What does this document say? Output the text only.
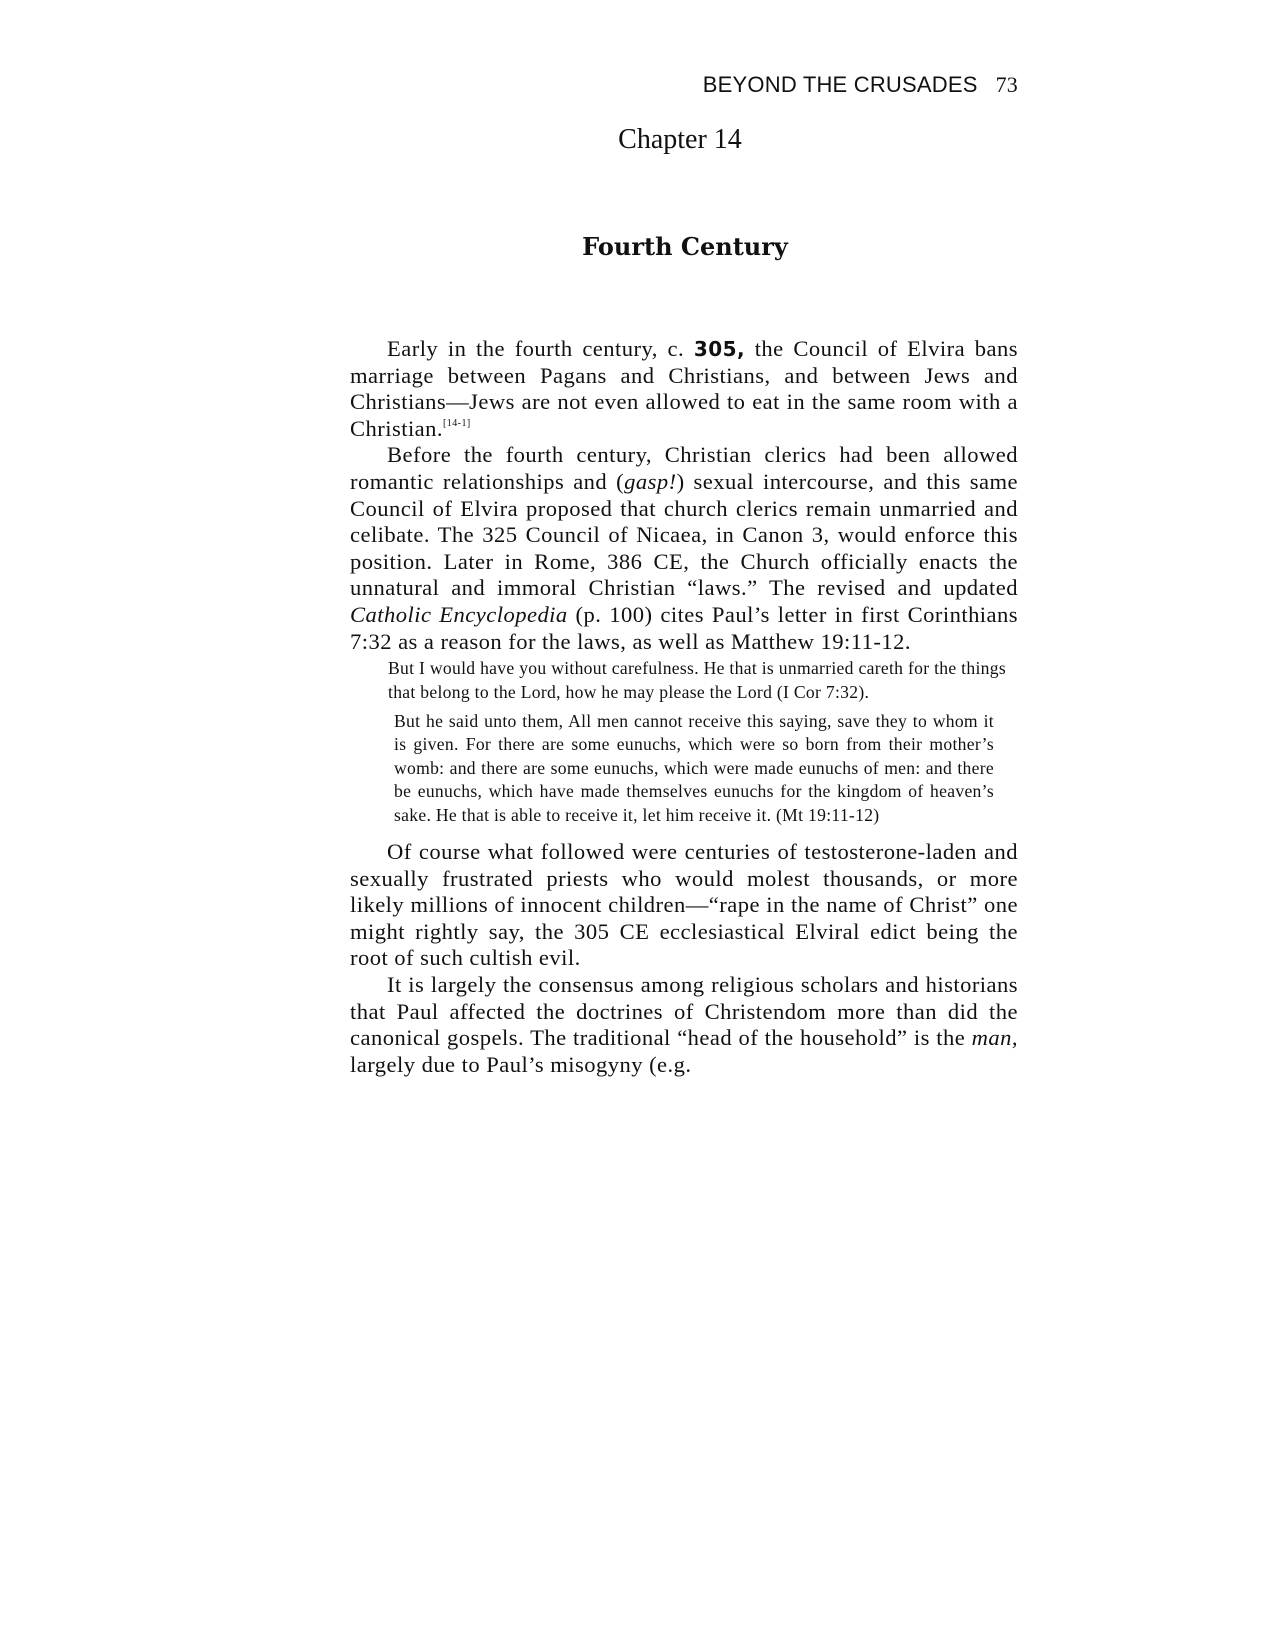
BEYOND THE CRUSADES 73
Chapter 14
Fourth Century

Early in the fourth century, c. 305, the Council of Elvira bans marriage between Pagans and Christians, and between Jews and Christians—Jews are not even allowed to eat in the same room with a Christian.[14-1]

Before the fourth century, Christian clerics had been allowed romantic relationships and (gasp!) sexual intercourse, and this same Council of Elvira proposed that church clerics remain unmarried and celibate. The 325 Council of Nicaea, in Canon 3, would enforce this position. Later in Rome, 386 CE, the Church officially enacts the unnatural and immoral Christian “laws.” The revised and updated Catholic Encyclopedia (p. 100) cites Paul’s letter in first Corinthians 7:32 as a reason for the laws, as well as Matthew 19:11-12.

But I would have you without carefulness. He that is unmarried careth for the things that belong to the Lord, how he may please the Lord (I Cor 7:32).

But he said unto them, All men cannot receive this saying, save they to whom it is given. For there are some eunuchs, which were so born from their mother’s womb: and there are some eunuchs, which were made eunuchs of men: and there be eunuchs, which have made themselves eunuchs for the kingdom of heaven’s sake. He that is able to receive it, let him receive it. (Mt 19:11-12)

Of course what followed were centuries of testosterone-laden and sexually frustrated priests who would molest thousands, or more likely millions of innocent children—“rape in the name of Christ” one might rightly say, the 305 CE ecclesiastical Elviral edict being the root of such cultish evil.

It is largely the consensus among religious scholars and historians that Paul affected the doctrines of Christendom more than did the canonical gospels. The traditional “head of the household” is the man, largely due to Paul’s misogyny (e.g.
